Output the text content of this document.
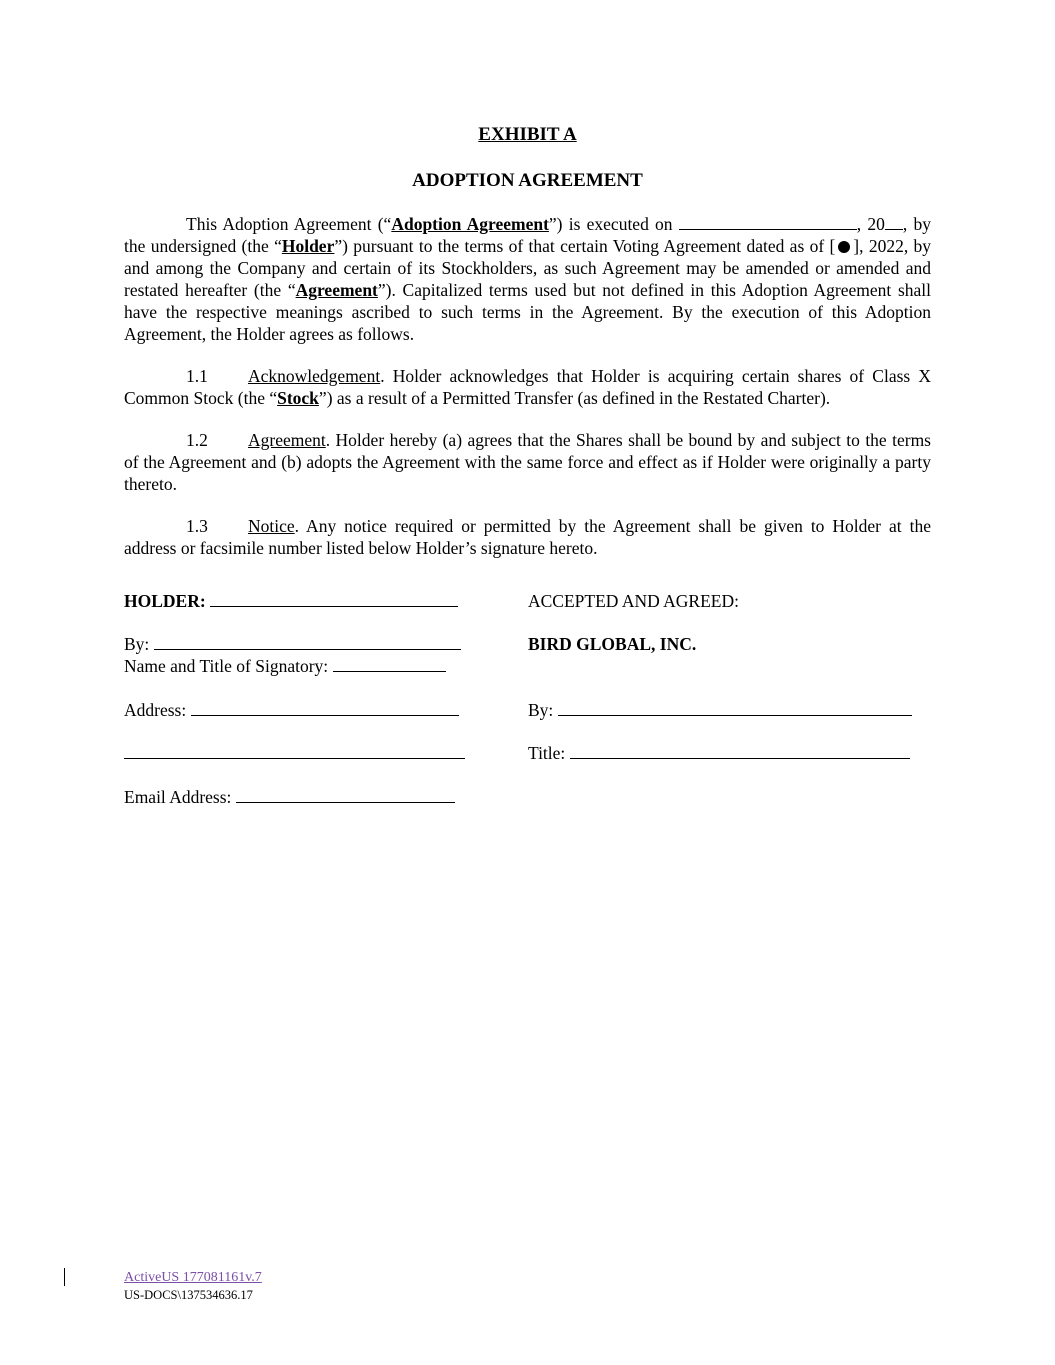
EXHIBIT A
ADOPTION AGREEMENT
This Adoption Agreement (“Adoption Agreement”) is executed on	, 20 , by the undersigned (the “Holder”) pursuant to the terms of that certain Voting Agreement dated as of [ ], 2022, by and among the Company and certain of its Stockholders, as such Agreement may be amended or amended and restated hereafter (the “Agreement”). Capitalized terms used but not defined in this Adoption Agreement shall have the respective meanings ascribed to such terms in the Agreement. By the execution of this Adoption Agreement, the Holder agrees as follows.
1.1 Acknowledgement. Holder acknowledges that Holder is acquiring certain shares of Class X Common Stock (the “Stock”) as a result of a Permitted Transfer (as defined in the Restated Charter).
1.2 Agreement. Holder hereby (a) agrees that the Shares shall be bound by and subject to the terms of the Agreement and (b) adopts the Agreement with the same force and effect as if Holder were originally a party thereto.
1.3 Notice. Any notice required or permitted by the Agreement shall be given to Holder at the address or facsimile number listed below Holder’s signature hereto.
HOLDER:
By:
Name and Title of Signatory:
Address:
Email Address:
ACCEPTED AND AGREED:
BIRD GLOBAL, INC.
By:
Title:
ActiveUS 177081161v.7
US-DOCS\137534636.17
